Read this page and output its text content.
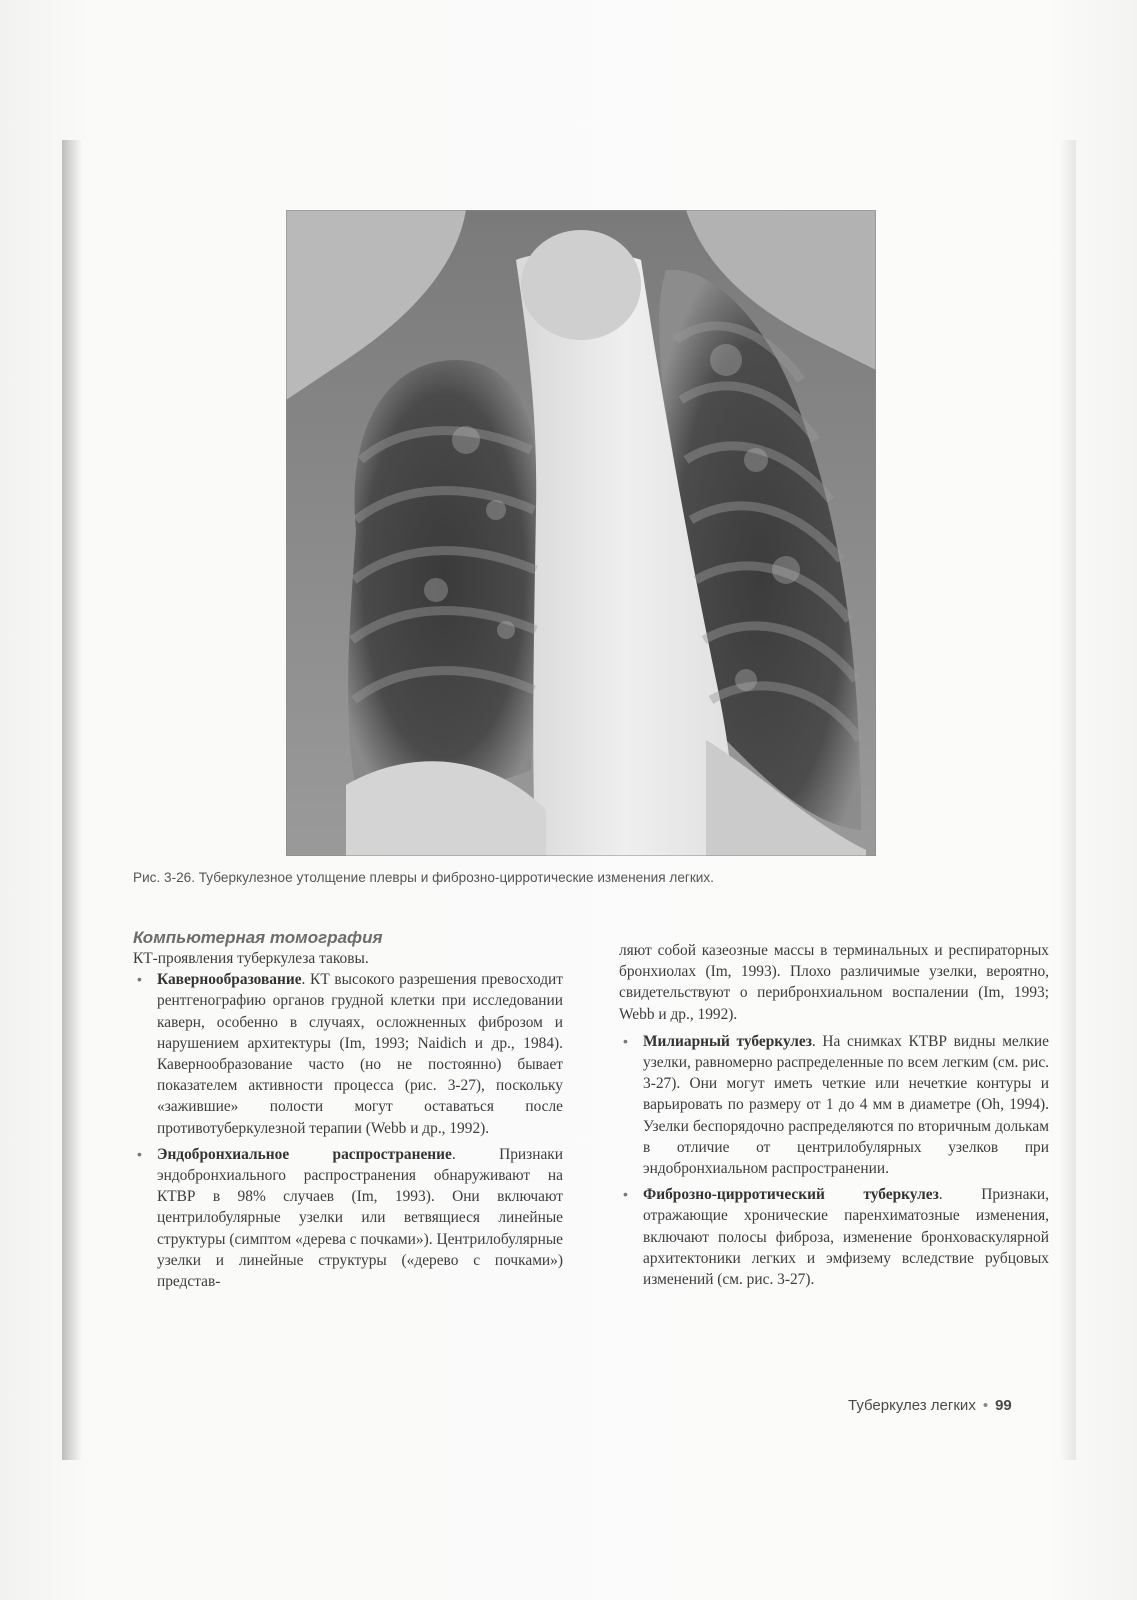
Рис. 3-26. Туберкулезное утолщение плевры и фиброзно-цирротические изменения легких.
Компьютерная томография

КТ-проявления туберкулеза таковы.

• Кавернообразование. КТ высокого разрешения превосходит рентгенографию органов грудной клетки при исследовании каверн, особенно в случаях, осложненных фиброзом и нарушением архитектуры (Im, 1993; Naidich и др., 1984). Кавернообразование часто (но не постоянно) бывает показателем активности процесса (рис. 3-27), поскольку «зажившие» полости могут оставаться после противотуберкулезной терапии (Webb и др., 1992).
• Эндобронхиальное распространение. Признаки эндобронхиального распространения обнаруживают на КТВР в 98% случаев (Im, 1993). Они включают центрилобулярные узелки или ветвящиеся линейные структуры (симптом «дерева с почками»). Центрилобулярные узелки и линейные структуры («дерево с почками») представ-

ляют собой казеозные массы в терминальных и респираторных бронхиолах (Im, 1993). Плохо различимые узелки, вероятно, свидетельствуют о перибронхиальном воспалении (Im, 1993; Webb и др., 1992).

• Милиарный туберкулез. На снимках КТВР видны мелкие узелки, равномерно распределенные по всем легким (см. рис. 3-27). Они могут иметь четкие или нечеткие контуры и варьировать по размеру от 1 до 4 мм в диаметре (Oh, 1994). Узелки беспорядочно распределяются по вторичным долькам в отличие от центрилобулярных узелков при эндобронхиальном распространении.
• Фиброзно-цирротический туберкулез. Признаки, отражающие хронические паренхиматозные изменения, включают полосы фиброза, изменение бронховаскулярной архитектоники легких и эмфизему вследствие рубцовых изменений (см. рис. 3-27).
Туберкулез легких • 99
